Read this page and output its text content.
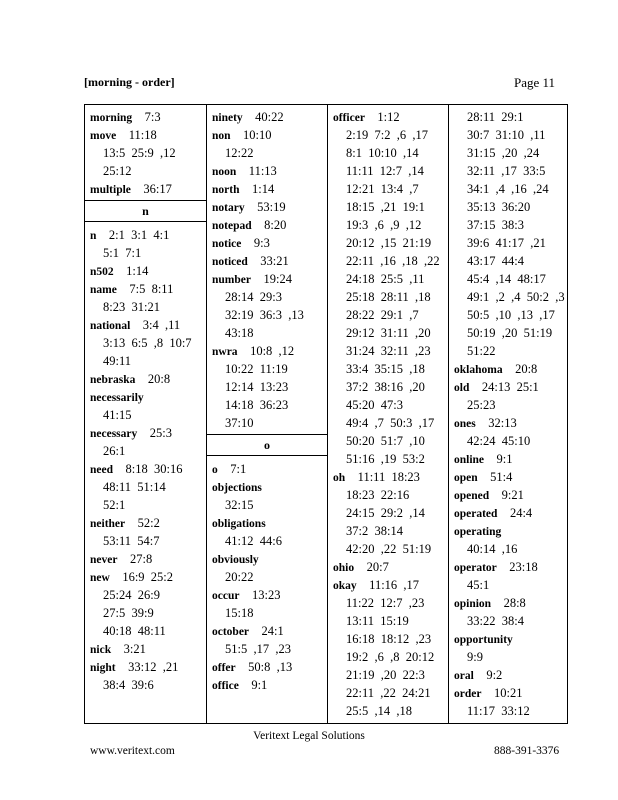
[morning - order]	Page 11
morning 7:3
move 11:18
13:5  25:9  ,12
25:12
multiple 36:17
n
n 2:1  3:1  4:1
5:1  7:1
n502 1:14
name 7:5  8:11
8:23  31:21
national 3:4  ,11
3:13  6:5  ,8  10:7
49:11
nebraska 20:8
necessarily
41:15
necessary 25:3
26:1
need 8:18  30:16
48:11  51:14
52:1
neither 52:2
53:11  54:7
never 27:8
new 16:9  25:2
25:24  26:9
27:5  39:9
40:18  48:11
nick 3:21
night 33:12  ,21
38:4  39:6
ninety 40:22
non 10:10
12:22
noon 11:13
north 1:14
notary 53:19
notepad 8:20
notice 9:3
noticed 33:21
number 19:24
28:14  29:3
32:19  36:3  ,13
43:18
nwra 10:8  ,12
10:22  11:19
12:14  13:23
14:18  36:23
37:10
o
o 7:1
objections
32:15
obligations
41:12  44:6
obviously
20:22
occur 13:23
15:18
october 24:1
51:5  ,17  ,23
offer 50:8  ,13
office 9:1
officer 1:12
2:19  7:2  ,6  ,17
8:1  10:10  ,14
11:11  12:7  ,14
12:21  13:4  ,7
18:15  ,21  19:1
19:3  ,6  ,9  ,12
20:12  ,15  21:19
22:11  ,16  ,18  ,22
24:18  25:5  ,11
25:18  28:11  ,18
28:22  29:1  ,7
29:12  31:11  ,20
31:24  32:11  ,23
33:4  35:15  ,18
37:2  38:16  ,20
45:20  47:3
49:4  ,7  50:3  ,17
50:20  51:7  ,10
51:16  ,19  53:2
oh 11:11  18:23
18:23  22:16
24:15  29:2  ,14
37:2  38:14
42:20  ,22  51:19
ohio 20:7
okay 11:16  ,17
11:22  12:7  ,23
13:11  15:19
16:18  18:12  ,23
19:2  ,6  ,8  20:12
21:19  ,20  22:3
22:11  ,22  24:21
25:5  ,14  ,18
28:11  29:1
30:7  31:10  ,11
31:15  ,20  ,24
32:11  ,17  33:5
34:1  ,4  ,16  ,24
35:13  36:20
37:15  38:3
39:6  41:17  ,21
43:17  44:4
45:4  ,14  48:17
49:1  ,2  ,4  50:2  ,3
50:5  ,10  ,13  ,17
50:19  ,20  51:19
51:22
oklahoma 20:8
old 24:13  25:1
25:23
ones 32:13
42:24  45:10
online 9:1
open 51:4
opened 9:21
operated 24:4
operating
40:14  ,16
operator 23:18
45:1
opinion 28:8
33:22  38:4
opportunity
9:9
oral 9:2
order 10:21
11:17  33:12
Veritext Legal Solutions
www.veritext.com	888-391-3376
